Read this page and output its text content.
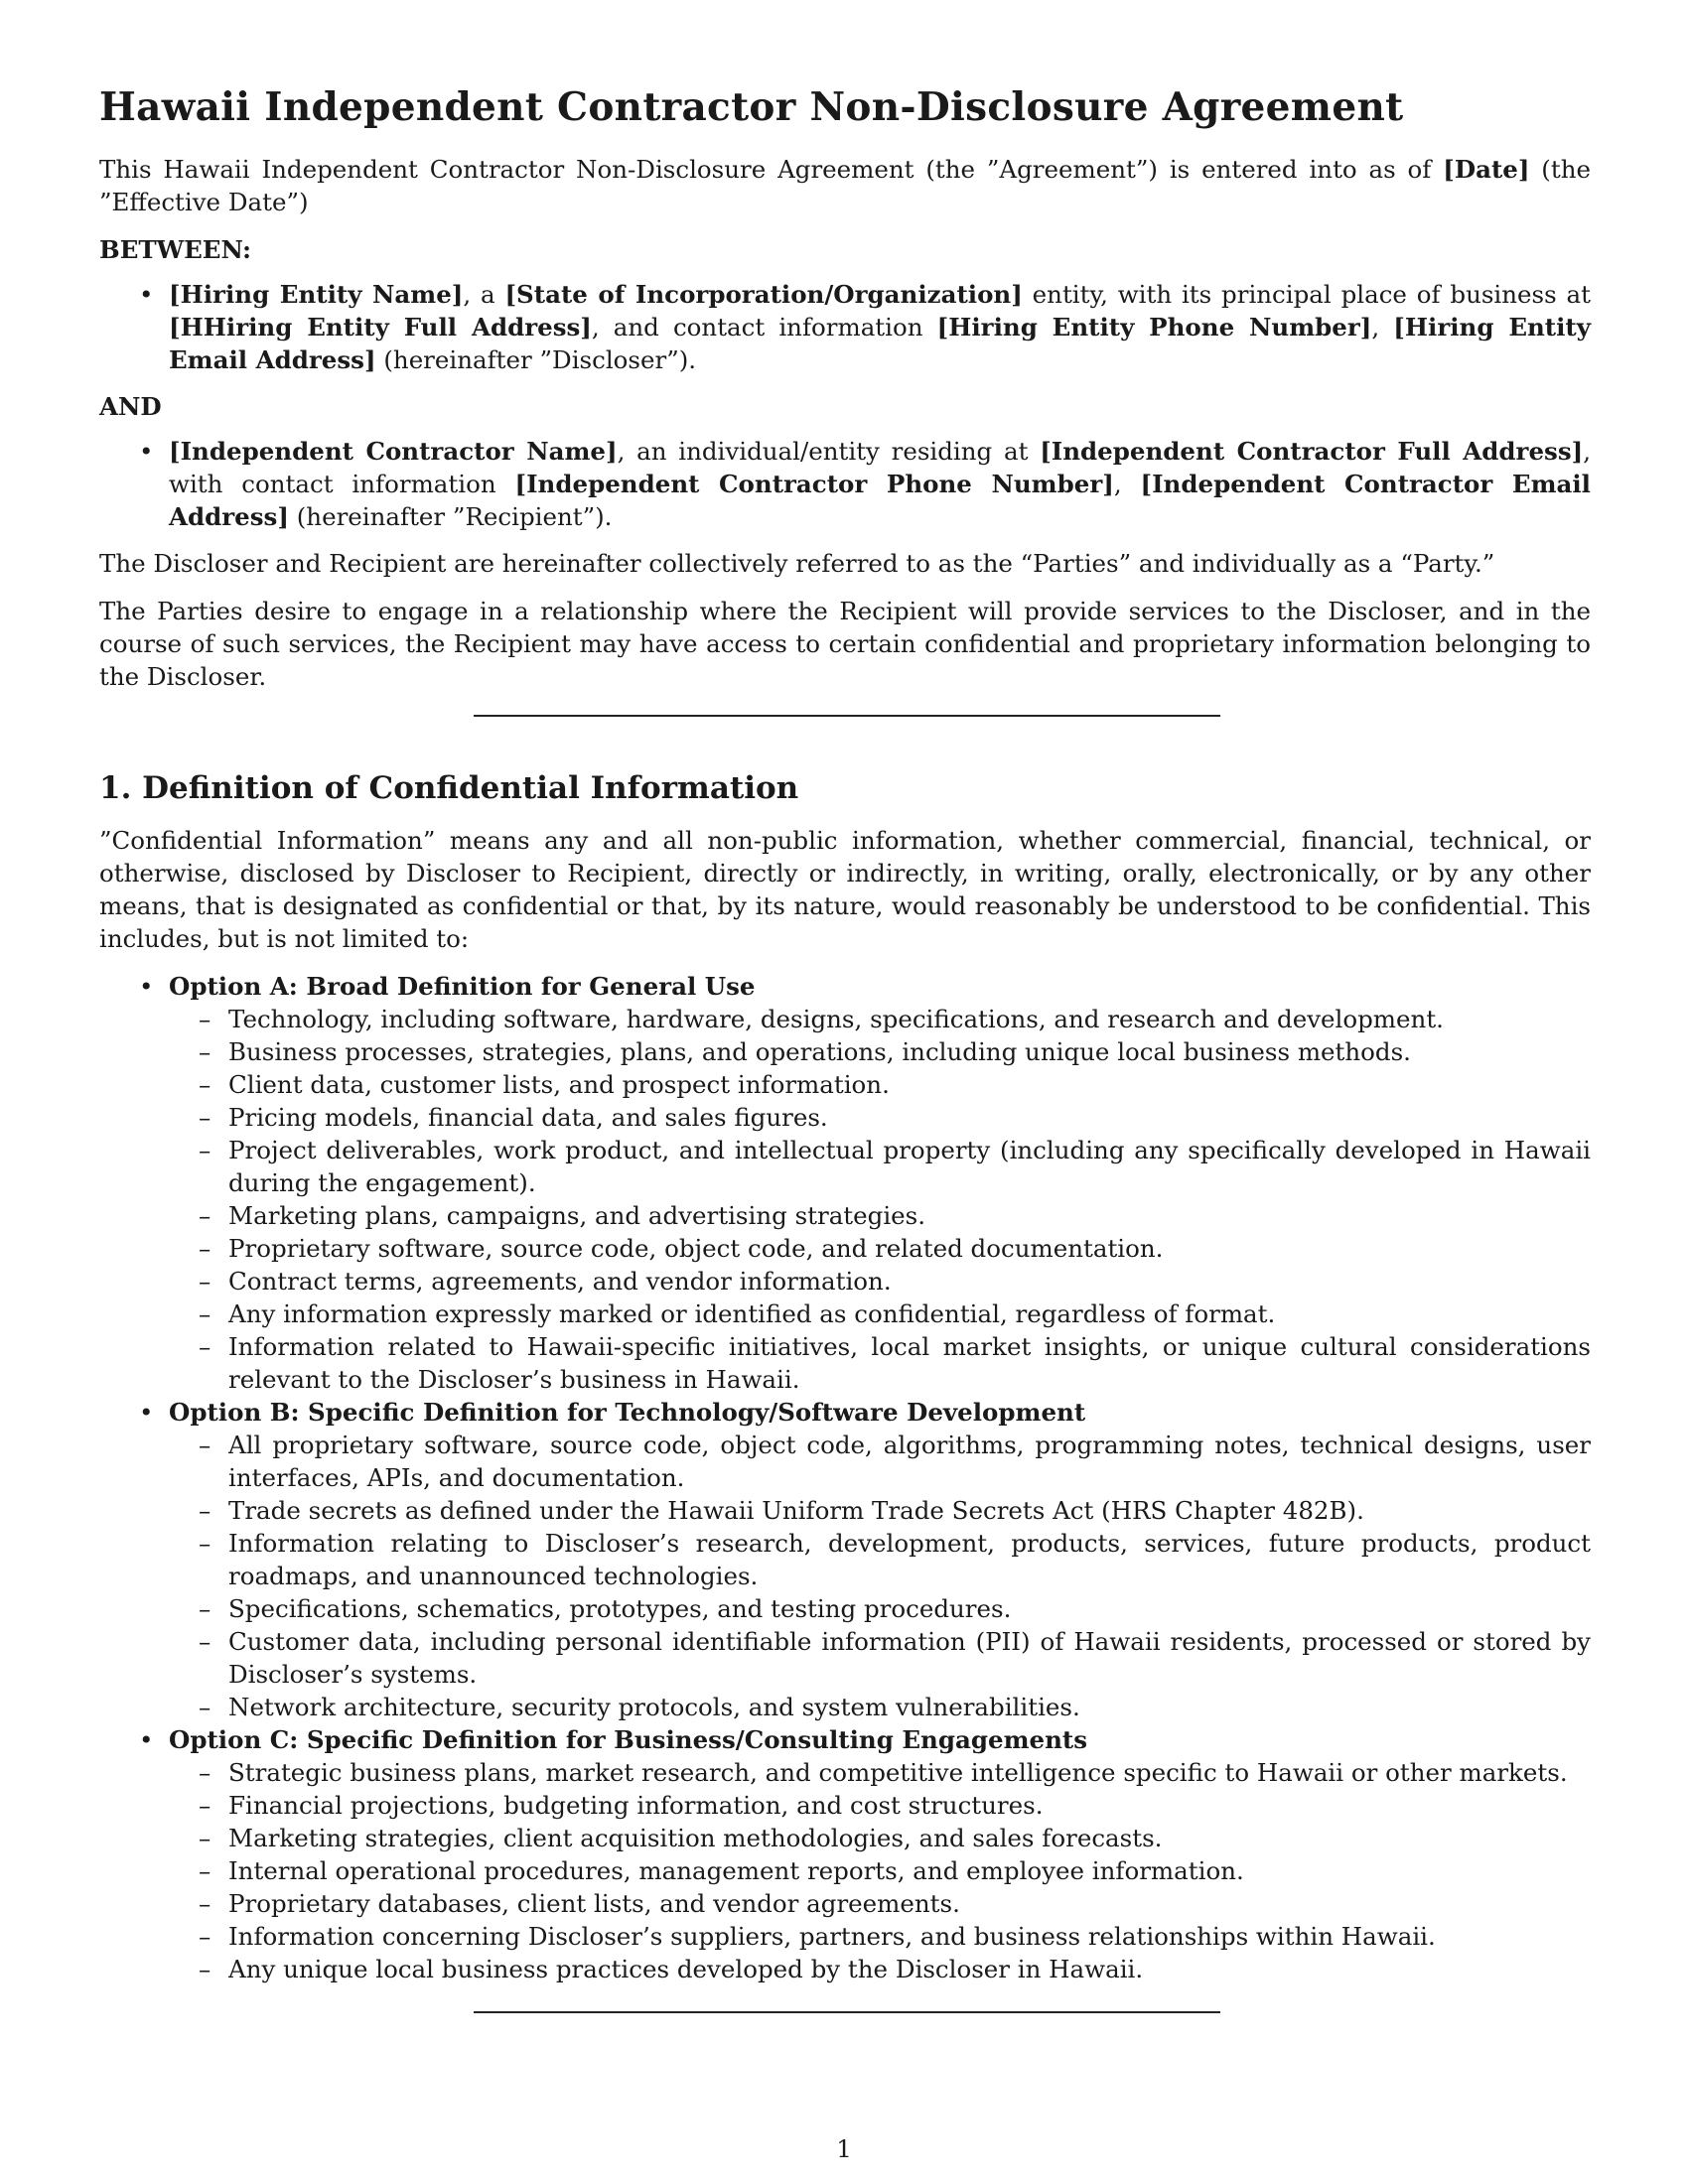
Hawaii Independent Contractor Non-Disclosure Agreement

This Hawaii Independent Contractor Non-Disclosure Agreement (the ”Agreement”) is entered into as of [Date] (the ”Effective Date”)

BETWEEN:
• [Hiring Entity Name], a [State of Incorporation/Organization] entity, with its principal place of business at [HHiring Entity Full Address], and contact information [Hiring Entity Phone Number], [Hiring Entity Email Address] (hereinafter ”Discloser”).
AND
• [Independent Contractor Name], an individual/entity residing at [Independent Contractor Full Address], with contact information [Independent Contractor Phone Number], [Independent Contractor Email Address] (hereinafter ”Recipient”).

The Discloser and Recipient are hereinafter collectively referred to as the “Parties” and individually as a “Party.”

The Parties desire to engage in a relationship where the Recipient will provide services to the Discloser, and in the course of such services, the Recipient may have access to certain confidential and proprietary information belonging to the Discloser.

1. Definition of Confidential Information

”Confidential Information” means any and all non-public information, whether commercial, financial, technical, or otherwise, disclosed by Discloser to Recipient, directly or indirectly, in writing, orally, electronically, or by any other means, that is designated as confidential or that, by its nature, would reasonably be understood to be confidential. This includes, but is not limited to:

• Option A: Broad Definition for General Use
– Technology, including software, hardware, designs, specifications, and research and development.
– Business processes, strategies, plans, and operations, including unique local business methods.
– Client data, customer lists, and prospect information.
– Pricing models, financial data, and sales figures.
– Project deliverables, work product, and intellectual property (including any specifically developed in Hawaii during the engagement).
– Marketing plans, campaigns, and advertising strategies.
– Proprietary software, source code, object code, and related documentation.
– Contract terms, agreements, and vendor information.
– Any information expressly marked or identified as confidential, regardless of format.
– Information related to Hawaii-specific initiatives, local market insights, or unique cultural considerations relevant to the Discloser’s business in Hawaii.
• Option B: Specific Definition for Technology/Software Development
– All proprietary software, source code, object code, algorithms, programming notes, technical designs, user interfaces, APIs, and documentation.
– Trade secrets as defined under the Hawaii Uniform Trade Secrets Act (HRS Chapter 482B).
– Information relating to Discloser’s research, development, products, services, future products, product roadmaps, and unannounced technologies.
– Specifications, schematics, prototypes, and testing procedures.
– Customer data, including personal identifiable information (PII) of Hawaii residents, processed or stored by Discloser’s systems.
– Network architecture, security protocols, and system vulnerabilities.
• Option C: Specific Definition for Business/Consulting Engagements
– Strategic business plans, market research, and competitive intelligence specific to Hawaii or other markets.
– Financial projections, budgeting information, and cost structures.
– Marketing strategies, client acquisition methodologies, and sales forecasts.
– Internal operational procedures, management reports, and employee information.
– Proprietary databases, client lists, and vendor agreements.
– Information concerning Discloser’s suppliers, partners, and business relationships within Hawaii.
– Any unique local business practices developed by the Discloser in Hawaii.
1
